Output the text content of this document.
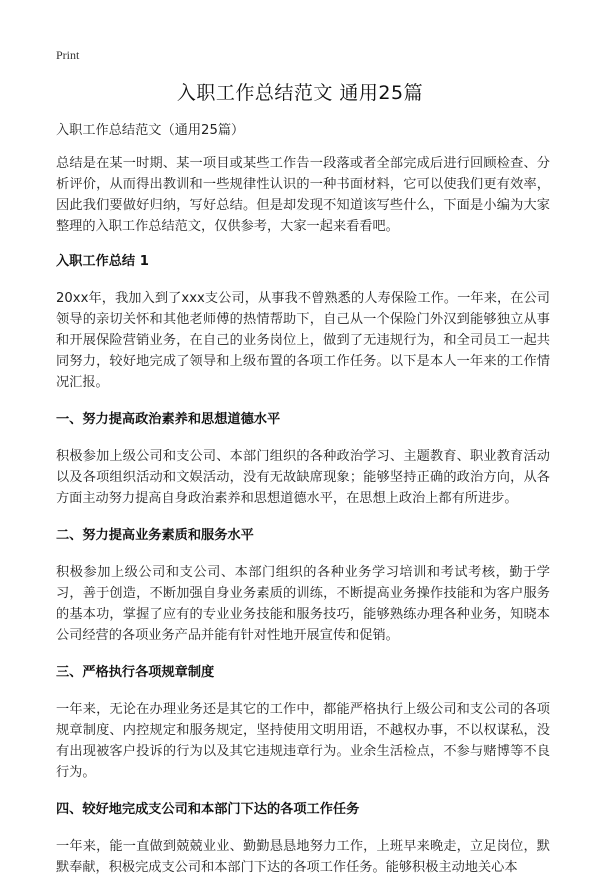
Print
入职工作总结范文 通用25篇

入职工作总结范文（通用25篇）

总结是在某一时期、某一项目或某些工作告一段落或者全部完成后进行回顾检查、分析评价，从而得出教训和一些规律性认识的一种书面材料，它可以使我们更有效率，因此我们要做好归纳，写好总结。但是却发现不知道该写些什么，下面是小编为大家整理的入职工作总结范文，仅供参考，大家一起来看看吧。

入职工作总结 1

20xx年，我加入到了xxx支公司，从事我不曾熟悉的人寿保险工作。一年来，在公司领导的亲切关怀和其他老师傅的热情帮助下，自己从一个保险门外汉到能够独立从事和开展保险营销业务，在自己的业务岗位上，做到了无违规行为，和全司员工一起共同努力，较好地完成了领导和上级布置的各项工作任务。以下是本人一年来的工作情况汇报。

一、努力提高政治素养和思想道德水平

积极参加上级公司和支公司、本部门组织的各种政治学习、主题教育、职业教育活动以及各项组织活动和文娱活动，没有无故缺席现象；能够坚持正确的政治方向，从各方面主动努力提高自身政治素养和思想道德水平，在思想上政治上都有所进步。

二、努力提高业务素质和服务水平

积极参加上级公司和支公司、本部门组织的各种业务学习培训和考试考核，勤于学习，善于创造，不断加强自身业务素质的训练，不断提高业务操作技能和为客户服务的基本功，掌握了应有的专业业务技能和服务技巧，能够熟练办理各种业务，知晓本公司经营的各项业务产品并能有针对性地开展宣传和促销。

三、严格执行各项规章制度

一年来，无论在办理业务还是其它的工作中，都能严格执行上级公司和支公司的各项规章制度、内控规定和服务规定，坚持使用文明用语，不越权办事，不以权谋私，没有出现被客户投诉的行为以及其它违规违章行为。业余生活检点，不参与赌博等不良行为。

四、较好地完成支公司和本部门下达的各项工作任务

一年来，能一直做到兢兢业业、勤勤恳恳地努力工作，上班早来晚走，立足岗位，默默奉献，积极完成支公司和本部门下达的各项工作任务。能够积极主动地关心本
